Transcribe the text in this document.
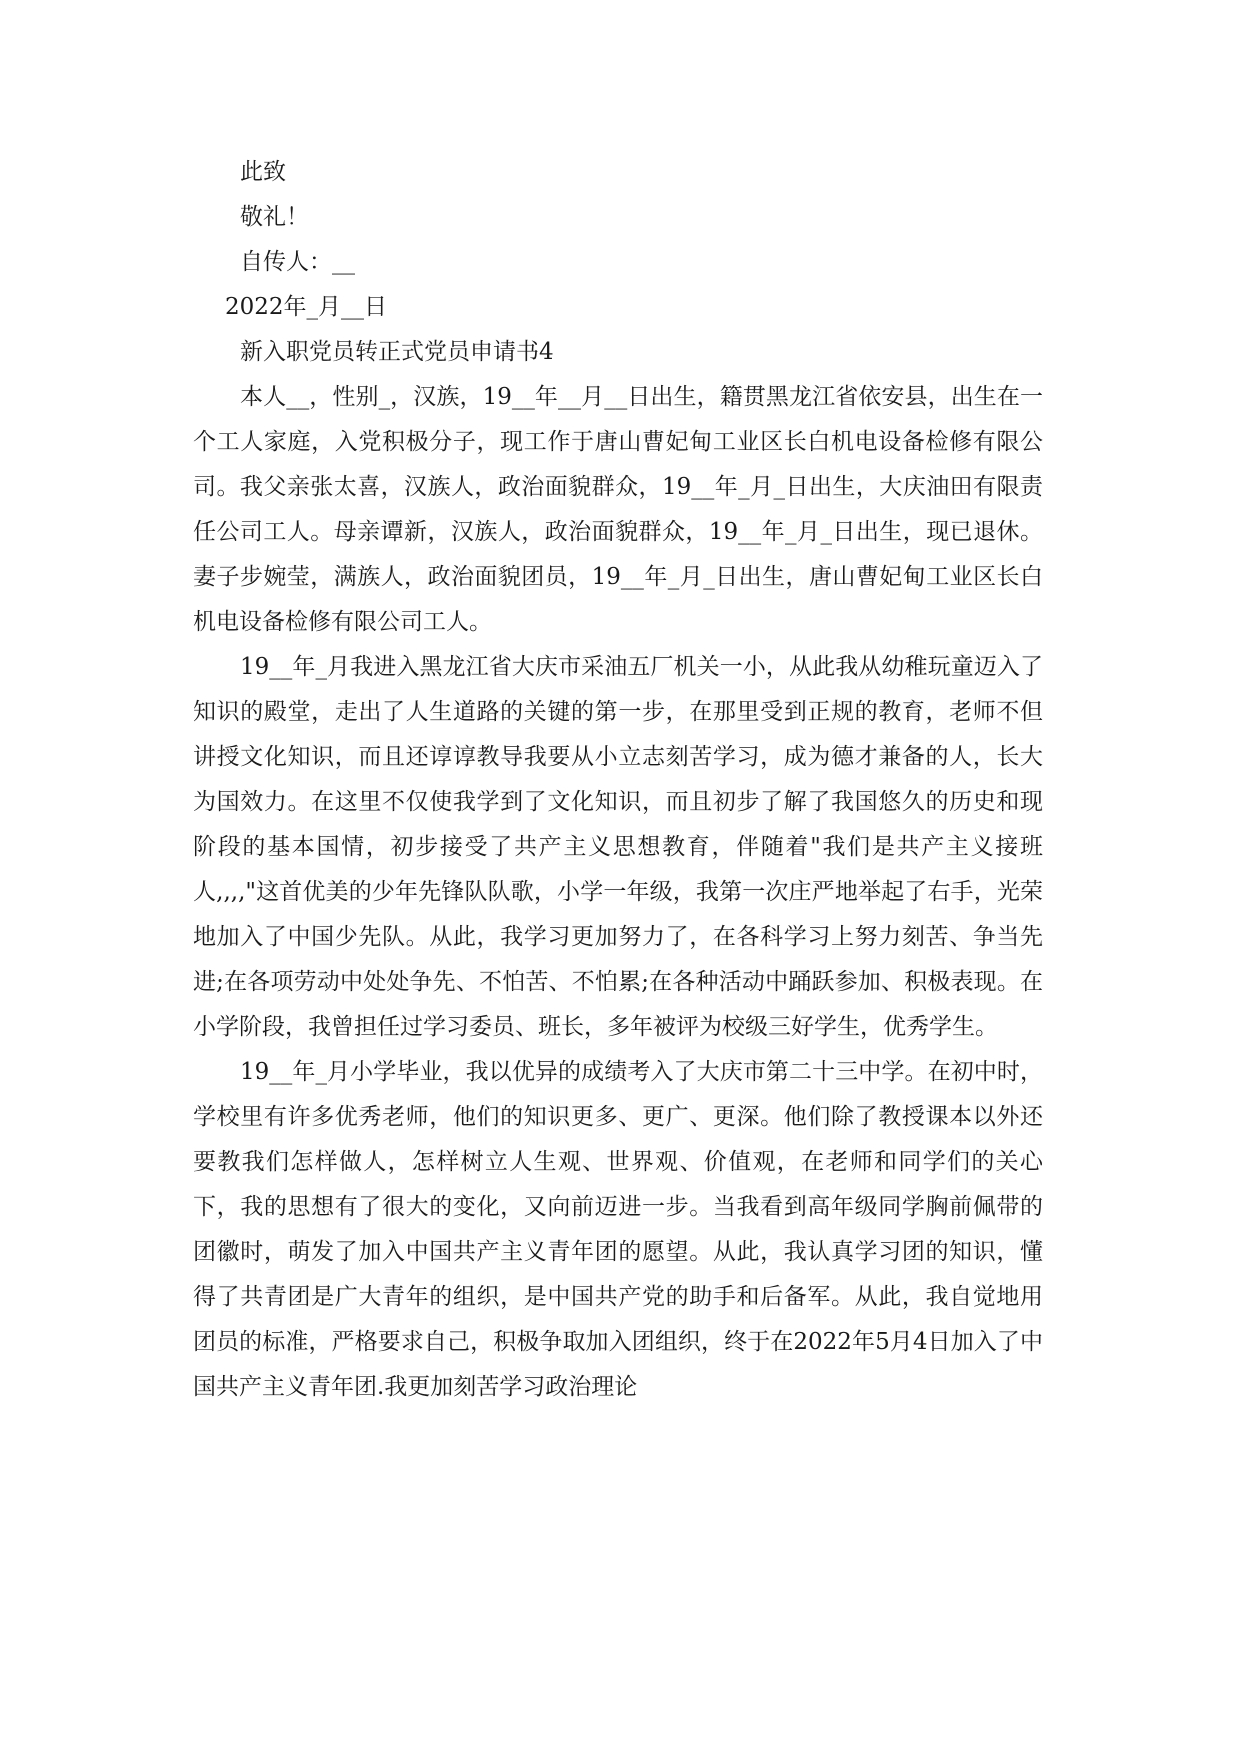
此致

敬礼！

自传人：__

2022年_月__日

新入职党员转正式党员申请书4

本人__，性别_，汉族，19__年__月__日出生，籍贯黑龙江省依安县，出生在一个工人家庭，入党积极分子，现工作于唐山曹妃甸工业区长白机电设备检修有限公司。我父亲张太喜，汉族人，政治面貌群众，19__年_月_日出生，大庆油田有限责任公司工人。母亲谭新，汉族人，政治面貌群众，19__年_月_日出生，现已退休。妻子步婉莹，满族人，政治面貌团员，19__年_月_日出生，唐山曹妃甸工业区长白机电设备检修有限公司工人。

19__年_月我进入黑龙江省大庆市采油五厂机关一小，从此我从幼稚玩童迈入了知识的殿堂，走出了人生道路的关键的第一步，在那里受到正规的教育，老师不但讲授文化知识，而且还谆谆教导我要从小立志刻苦学习，成为德才兼备的人，长大为国效力。在这里不仅使我学到了文化知识，而且初步了解了我国悠久的历史和现阶段的基本国情，初步接受了共产主义思想教育，伴随着"我们是共产主义接班人,,,,"这首优美的少年先锋队队歌，小学一年级，我第一次庄严地举起了右手，光荣地加入了中国少先队。从此，我学习更加努力了，在各科学习上努力刻苦、争当先进;在各项劳动中处处争先、不怕苦、不怕累;在各种活动中踊跃参加、积极表现。在小学阶段，我曾担任过学习委员、班长，多年被评为校级三好学生，优秀学生。

19__年_月小学毕业，我以优异的成绩考入了大庆市第二十三中学。在初中时，学校里有许多优秀老师，他们的知识更多、更广、更深。他们除了教授课本以外还要教我们怎样做人，怎样树立人生观、世界观、价值观，在老师和同学们的关心下，我的思想有了很大的变化，又向前迈进一步。当我看到高年级同学胸前佩带的团徽时，萌发了加入中国共产主义青年团的愿望。从此，我认真学习团的知识，懂得了共青团是广大青年的组织，是中国共产党的助手和后备军。从此，我自觉地用团员的标准，严格要求自己，积极争取加入团组织，终于在2022年5月4日加入了中国共产主义青年团.我更加刻苦学习政治理论
